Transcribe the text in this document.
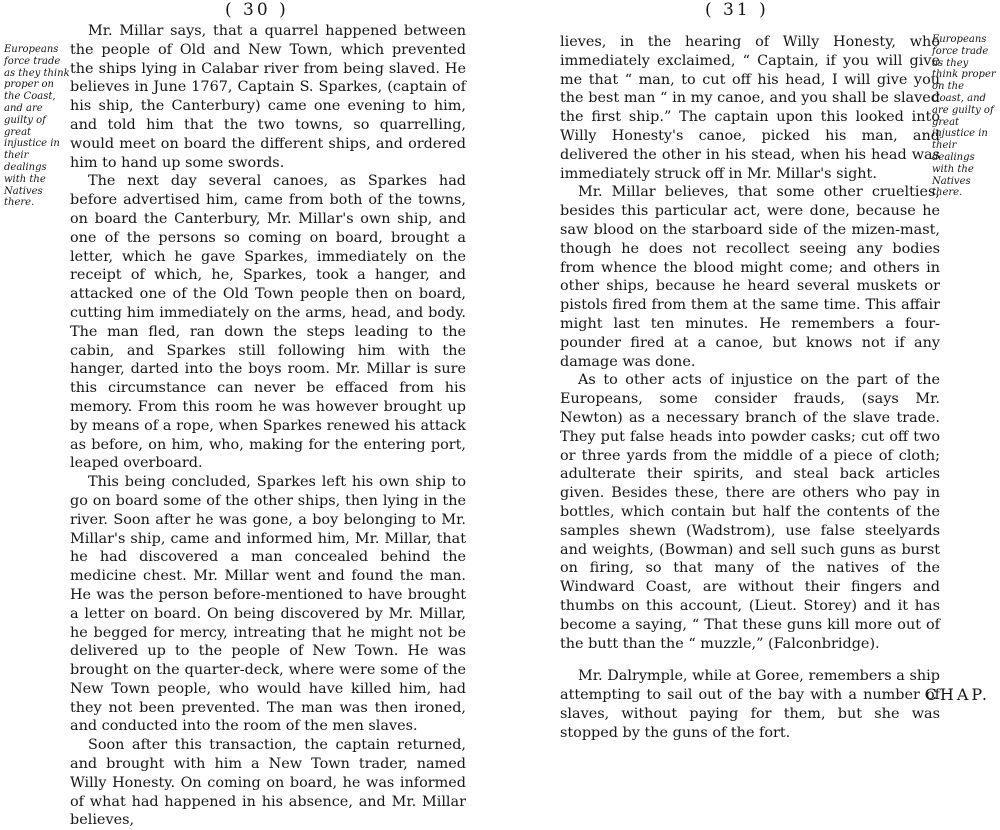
( 30 )
Europeans force trade as they think proper on the Coast, and are guilty of great injustice in their dealings with the Natives there.

Mr. Millar says, that a quarrel happened between the people of Old and New Town, which prevented the ships lying in Calabar river from being slaved. He believes in June 1767, Captain S. Sparkes, (captain of his ship, the Canterbury) came one evening to him, and told him that the two towns, so quarrelling, would meet on board the different ships, and ordered him to hand up some swords.

The next day several canoes, as Sparkes had before advertised him, came from both of the towns, on board the Canterbury, Mr. Millar's own ship, and one of the persons so coming on board, brought a letter, which he gave Sparkes, immediately on the receipt of which, he, Sparkes, took a hanger, and attacked one of the Old Town people then on board, cutting him immediately on the arms, head, and body. The man fled, ran down the steps leading to the cabin, and Sparkes still following him with the hanger, darted into the boys room. Mr. Millar is sure this circumstance can never be effaced from his memory. From this room he was however brought up by means of a rope, when Sparkes renewed his attack as before, on him, who, making for the entering port, leaped overboard.

This being concluded, Sparkes left his own ship to go on board some of the other ships, then lying in the river. Soon after he was gone, a boy belonging to Mr. Millar's ship, came and informed him, Mr. Millar, that he had discovered a man concealed behind the medicine chest. Mr. Millar went and found the man. He was the person before-mentioned to have brought a letter on board. On being discovered by Mr. Millar, he begged for mercy, intreating that he might not be delivered up to the people of New Town. He was brought on the quarter-deck, where were some of the New Town people, who would have killed him, had they not been prevented. The man was then ironed, and conducted into the room of the men slaves.

Soon after this transaction, the captain returned, and brought with him a New Town trader, named Willy Honesty. On coming on board, he was informed of what had happened in his absence, and Mr. Millar believes,

( 31 )
Europeans force trade as they think proper on the Coast, and are guilty of great injustice in their dealings with the Natives there.

lieves, in the hearing of Willy Honesty, who immediately exclaimed, “ Captain, if you will give me that “ man, to cut off his head, I will give you the best man “ in my canoe, and you shall be slaved the first ship.” The captain upon this looked into Willy Honesty's canoe, picked his man, and delivered the other in his stead, when his head was immediately struck off in Mr. Millar's sight.

Mr. Millar believes, that some other cruelties, besides this particular act, were done, because he saw blood on the starboard side of the mizen-mast, though he does not recollect seeing any bodies from whence the blood might come; and others in other ships, because he heard several muskets or pistols fired from them at the same time. This affair might last ten minutes. He remembers a four-pounder fired at a canoe, but knows not if any damage was done.

As to other acts of injustice on the part of the Europeans, some consider frauds, (says Mr. Newton) as a necessary branch of the slave trade. They put false heads into powder casks; cut off two or three yards from the middle of a piece of cloth; adulterate their spirits, and steal back articles given. Besides these, there are others who pay in bottles, which contain but half the contents of the samples shewn (Wadstrom), use false steelyards and weights, (Bowman) and sell such guns as burst on firing, so that many of the natives of the Windward Coast, are without their fingers and thumbs on this account, (Lieut. Storey) and it has become a saying, “ That these guns kill more out of the butt than the “ muzzle,” (Falconbridge).

Mr. Dalrymple, while at Goree, remembers a ship attempting to sail out of the bay with a number of slaves, without paying for them, but she was stopped by the guns of the fort.

CHAP.
